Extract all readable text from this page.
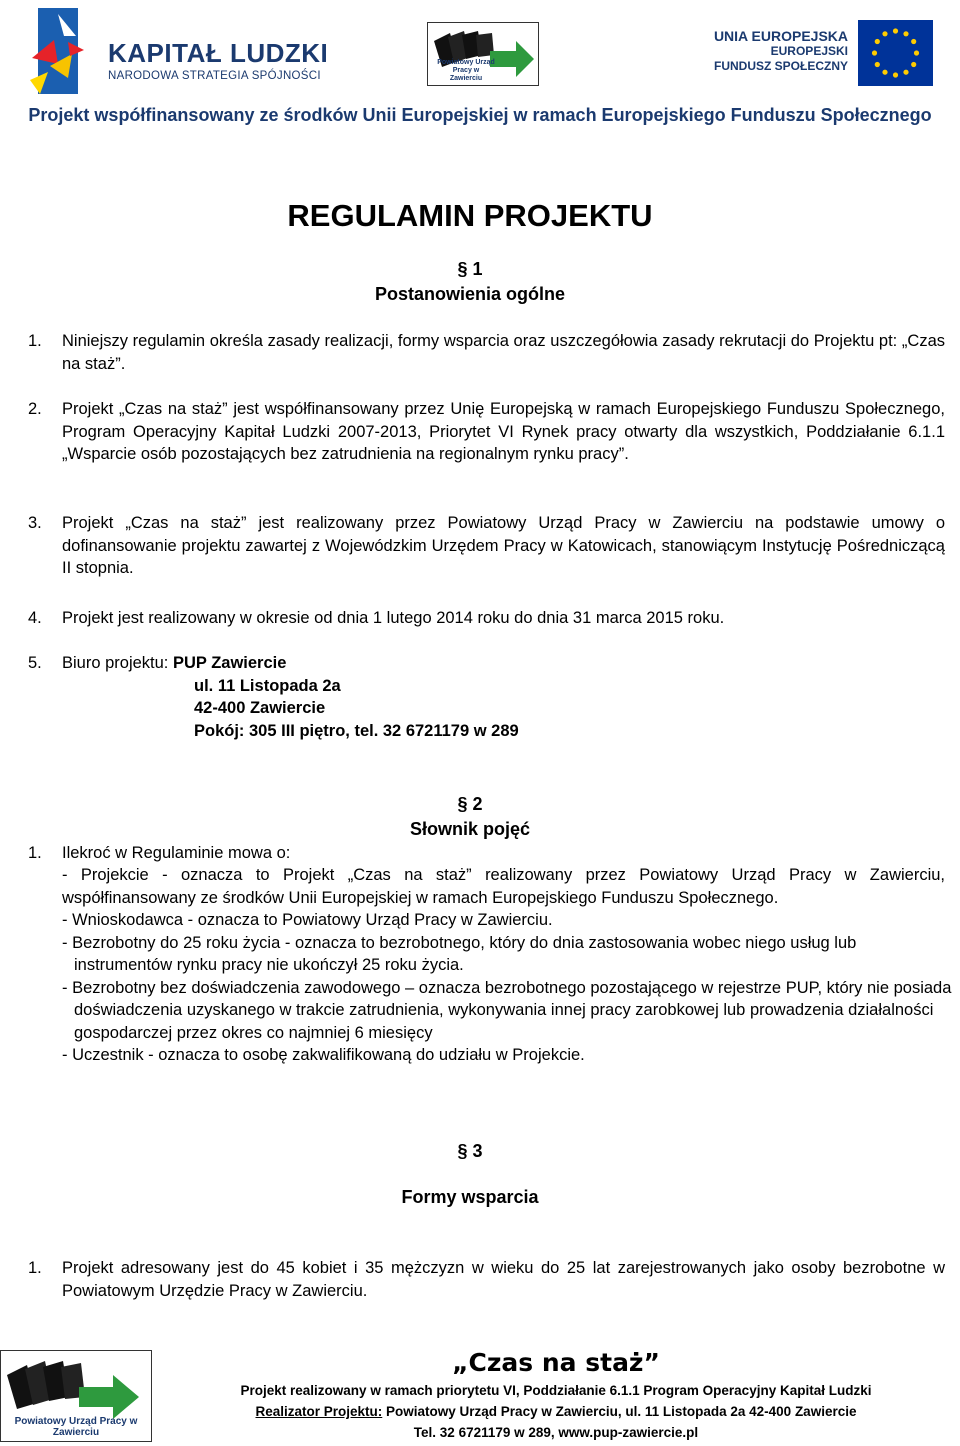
KAPITAŁ LUDZKI
NARODOWA STRATEGIA SPÓJNOŚCI
Powiatowy Urząd Pracy w Zawierciu
UNIA EUROPEJSKA
EUROPEJSKI
FUNDUSZ SPOŁECZNY
Projekt współfinansowany ze środków Unii Europejskiej w ramach Europejskiego Funduszu Społecznego
REGULAMIN PROJEKTU
§ 1
Postanowienia ogólne
1. Niniejszy regulamin określa zasady realizacji, formy wsparcia oraz uszczegółowia zasady rekrutacji do Projektu pt: „Czas na staż”.
2. Projekt „Czas na staż” jest współfinansowany przez Unię Europejską w ramach Europejskiego Funduszu Społecznego, Program Operacyjny Kapitał Ludzki 2007-2013, Priorytet VI Rynek pracy otwarty dla wszystkich, Poddziałanie 6.1.1 „Wsparcie osób pozostających bez zatrudnienia na regionalnym rynku pracy”.
3. Projekt „Czas na staż” jest realizowany przez Powiatowy Urząd Pracy w Zawierciu na podstawie umowy o dofinansowanie projektu zawartej z Wojewódzkim Urzędem Pracy w Katowicach, stanowiącym Instytucję Pośredniczącą II stopnia.
4. Projekt jest realizowany w okresie od dnia 1 lutego 2014 roku do dnia 31 marca 2015 roku.
5. Biuro projektu: PUP Zawiercie
ul. 11 Listopada 2a
42-400 Zawiercie
Pokój: 305 III piętro, tel. 32 6721179 w 289
§ 2
Słownik pojęć
1. Ilekroć w Regulaminie mowa o:
- Projekcie - oznacza to Projekt „Czas na staż” realizowany przez Powiatowy Urząd Pracy w Zawierciu, współfinansowany ze środków Unii Europejskiej w ramach Europejskiego Funduszu Społecznego.
- Wnioskodawca - oznacza to Powiatowy Urząd Pracy w Zawierciu.
- Bezrobotny do 25 roku życia - oznacza to bezrobotnego, który do dnia zastosowania wobec niego usług lub instrumentów rynku pracy nie ukończył 25 roku życia.
- Bezrobotny bez doświadczenia zawodowego – oznacza bezrobotnego pozostającego w rejestrze PUP, który nie posiada doświadczenia uzyskanego w trakcie zatrudnienia, wykonywania innej pracy zarobkowej lub prowadzenia działalności gospodarczej przez okres co najmniej 6 miesięcy
- Uczestnik - oznacza to osobę zakwalifikowaną do udziału w Projekcie.
§ 3
Formy wsparcia
1. Projekt adresowany jest do 45 kobiet i 35 mężczyzn w wieku do 25 lat zarejestrowanych jako osoby bezrobotne w Powiatowym Urzędzie Pracy w Zawierciu.
Powiatowy Urząd Pracy w Zawierciu
„Czas na staż”
Projekt realizowany w ramach priorytetu VI, Poddziałanie 6.1.1 Program Operacyjny Kapitał Ludzki
Realizator Projektu: Powiatowy Urząd Pracy w Zawierciu, ul. 11 Listopada 2a 42-400 Zawiercie
Tel. 32 6721179 w 289, www.pup-zawiercie.pl
